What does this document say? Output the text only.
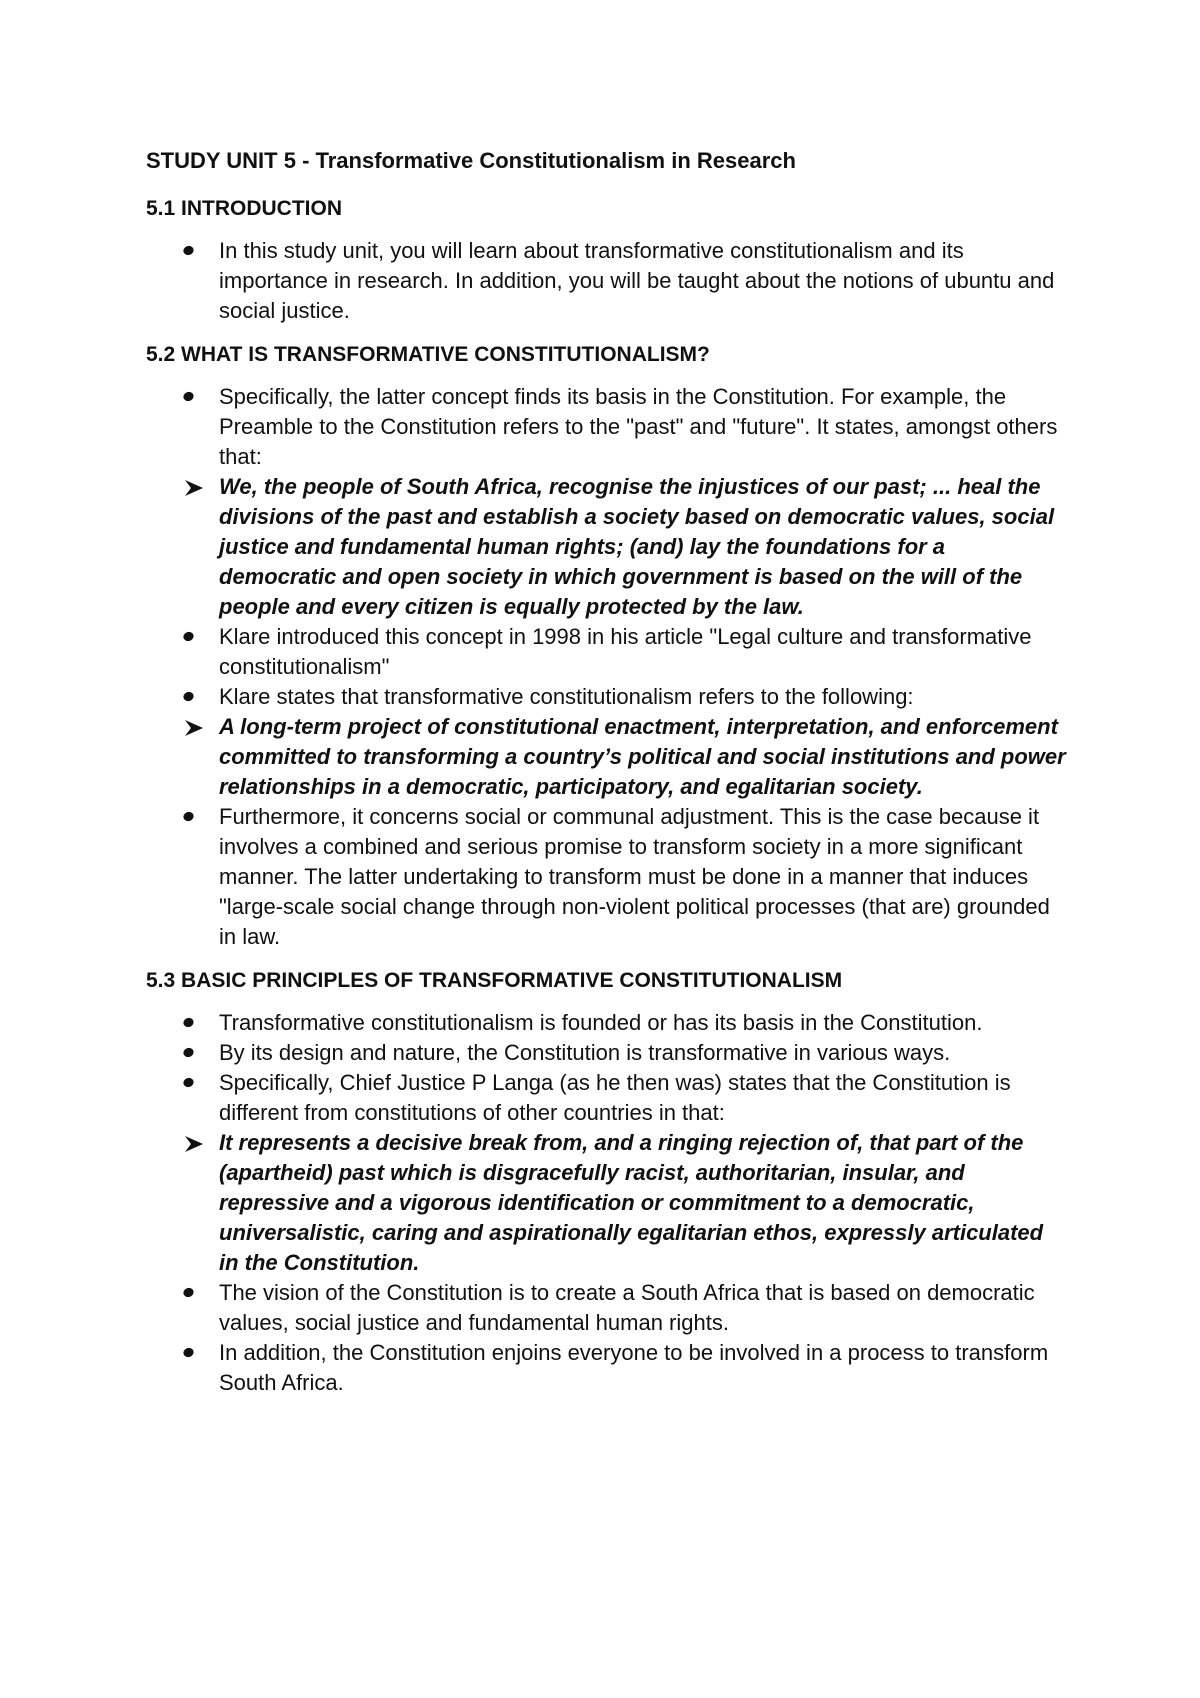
STUDY UNIT 5 - Transformative Constitutionalism in Research
5.1 INTRODUCTION
In this study unit, you will learn about transformative constitutionalism and its importance in research. In addition, you will be taught about the notions of ubuntu and social justice.
5.2 WHAT IS TRANSFORMATIVE CONSTITUTIONALISM?
Specifically, the latter concept finds its basis in the Constitution. For example, the Preamble to the Constitution refers to the "past" and "future". It states, amongst others that:
We, the people of South Africa, recognise the injustices of our past; ... heal the divisions of the past and establish a society based on democratic values, social justice and fundamental human rights; (and) lay the foundations for a democratic and open society in which government is based on the will of the people and every citizen is equally protected by the law.
Klare introduced this concept in 1998 in his article "Legal culture and transformative constitutionalism"
Klare states that transformative constitutionalism refers to the following:
A long-term project of constitutional enactment, interpretation, and enforcement committed to transforming a country’s political and social institutions and power relationships in a democratic, participatory, and egalitarian society.
Furthermore, it concerns social or communal adjustment. This is the case because it involves a combined and serious promise to transform society in a more significant manner. The latter undertaking to transform must be done in a manner that induces "large-scale social change through non-violent political processes (that are) grounded in law.
5.3 BASIC PRINCIPLES OF TRANSFORMATIVE CONSTITUTIONALISM
Transformative constitutionalism is founded or has its basis in the Constitution.
By its design and nature, the Constitution is transformative in various ways.
Specifically, Chief Justice P Langa (as he then was) states that the Constitution is different from constitutions of other countries in that:
It represents a decisive break from, and a ringing rejection of, that part of the (apartheid) past which is disgracefully racist, authoritarian, insular, and repressive and a vigorous identification or commitment to a democratic, universalistic, caring and aspirationally egalitarian ethos, expressly articulated in the Constitution.
The vision of the Constitution is to create a South Africa that is based on democratic values, social justice and fundamental human rights.
In addition, the Constitution enjoins everyone to be involved in a process to transform South Africa.
